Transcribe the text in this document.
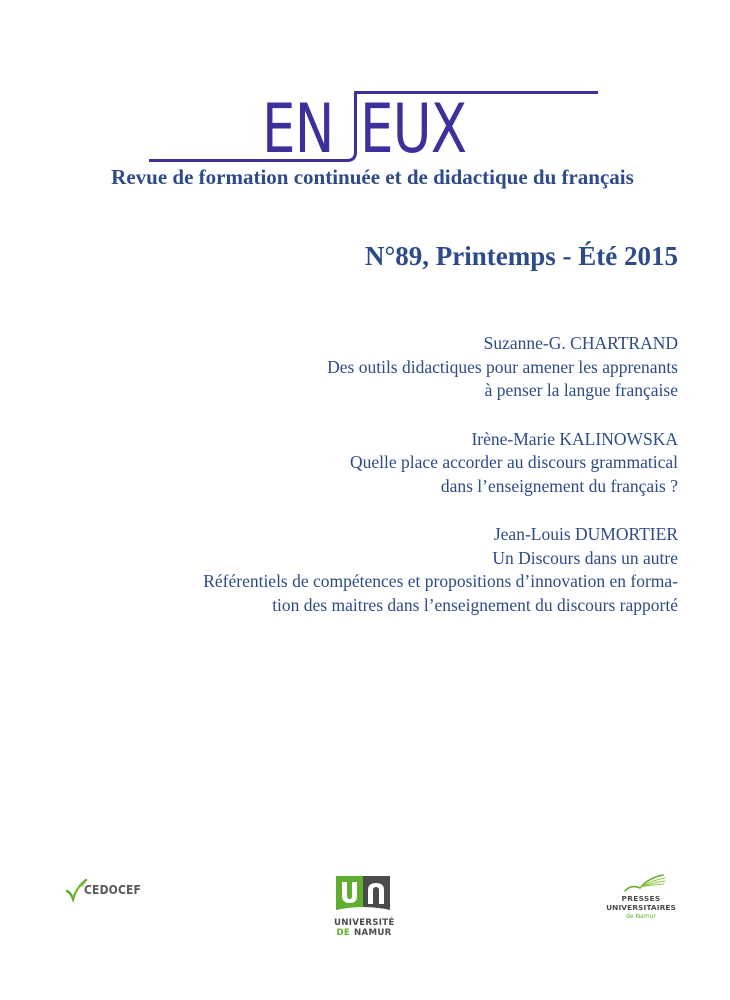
EN EUX
Revue de formation continuée et de didactique du français
N°89, Printemps - Été 2015
Suzanne-G. CHARTRAND
Des outils didactiques pour amener les apprenants
à penser la langue française
Irène-Marie KALINOWSKA
Quelle place accorder au discours grammatical
dans l’enseignement du français ?
Jean-Louis DUMORTIER
Un Discours dans un autre
Référentiels de compétences et propositions d’innovation en forma-
tion des maitres dans l’enseignement du discours rapporté
CEDOCEF
UNIVERSITÉ
DE NAMUR
PRESSES
UNIVERSITAIRES
de Namur
